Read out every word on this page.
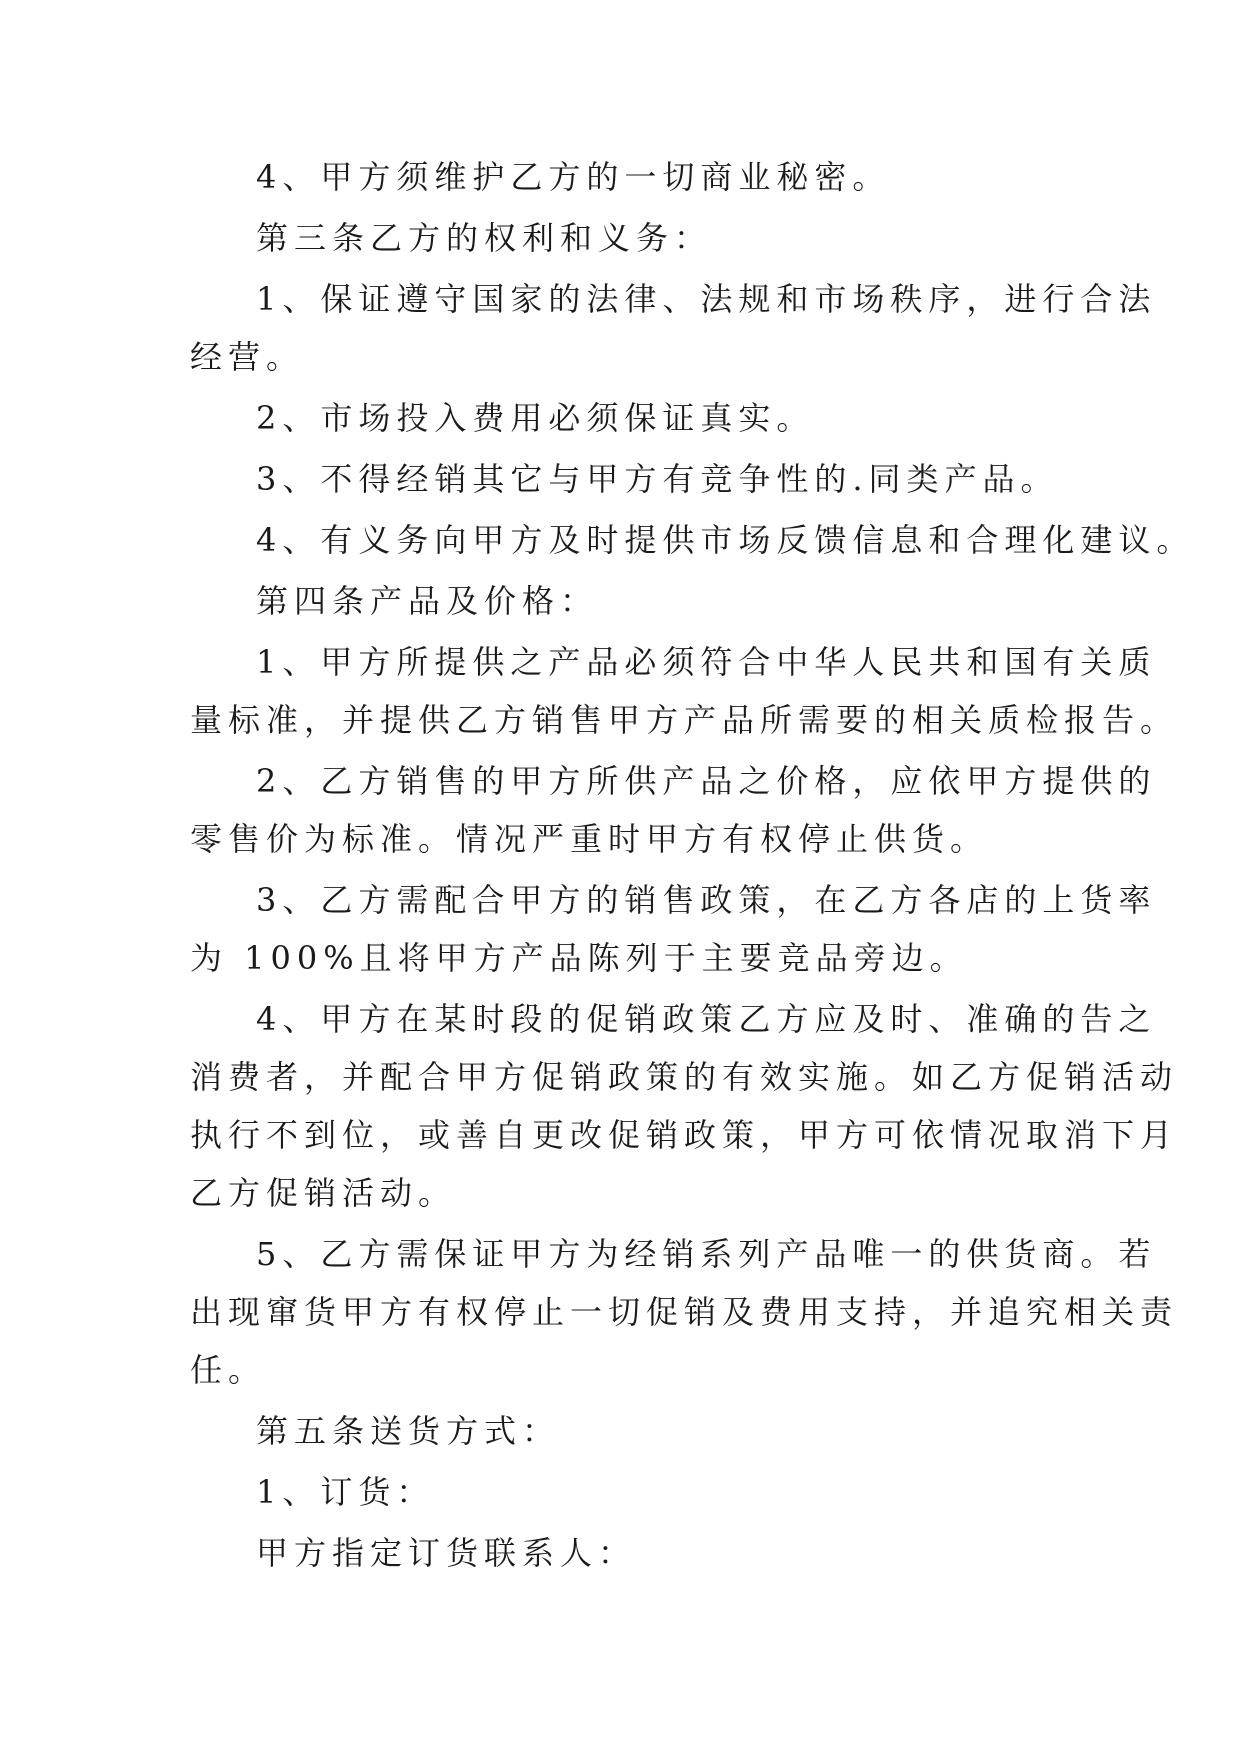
4、甲方须维护乙方的一切商业秘密。

第三条乙方的权利和义务：

1、保证遵守国家的法律、法规和市场秩序，进行合法

经营。

2、市场投入费用必须保证真实。

3、不得经销其它与甲方有竞争性的.同类产品。

4、有义务向甲方及时提供市场反馈信息和合理化建议。

第四条产品及价格：

1、甲方所提供之产品必须符合中华人民共和国有关质

量标准，并提供乙方销售甲方产品所需要的相关质检报告。

2、乙方销售的甲方所供产品之价格，应依甲方提供的

零售价为标准。情况严重时甲方有权停止供货。

3、乙方需配合甲方的销售政策，在乙方各店的上货率

为 100%且将甲方产品陈列于主要竞品旁边。

4、甲方在某时段的促销政策乙方应及时、准确的告之

消费者，并配合甲方促销政策的有效实施。如乙方促销活动

执行不到位，或善自更改促销政策，甲方可依情况取消下月

乙方促销活动。

5、乙方需保证甲方为经销系列产品唯一的供货商。若

出现窜货甲方有权停止一切促销及费用支持，并追究相关责

任。

第五条送货方式：

1、订货：

甲方指定订货联系人：
